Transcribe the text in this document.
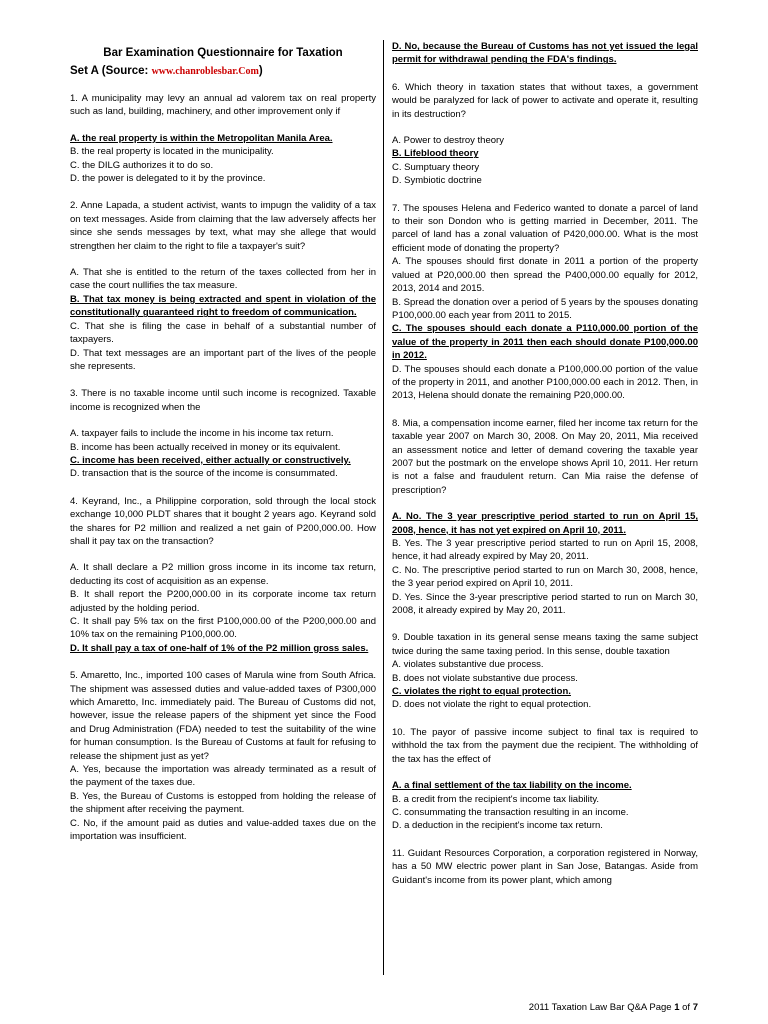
Bar Examination Questionnaire for Taxation
Set A (Source: www.chanroblesbar.Com)

1. A municipality may levy an annual ad valorem tax on real property such as land, building, machinery, and other improvement only if

A. the real property is within the Metropolitan Manila Area.

B. the real property is located in the municipality.

C. the DILG authorizes it to do so.

D. the power is delegated to it by the province.

2. Anne Lapada, a student activist, wants to impugn the validity of a tax on text messages. Aside from claiming that the law adversely affects her since she sends messages by text, what may she allege that would strengthen her claim to the right to file a taxpayer's suit?

A. That she is entitled to the return of the taxes collected from her in case the court nullifies the tax measure.

B. That tax money is being extracted and spent in violation of the constitutionally guaranteed right to freedom of communication.

C. That she is filing the case in behalf of a substantial number of taxpayers.

D. That text messages are an important part of the lives of the people she represents.

3. There is no taxable income until such income is recognized. Taxable income is recognized when the

A. taxpayer fails to include the income in his income tax return.

B. income has been actually received in money or its equivalent.

C. income has been received, either actually or constructively.

D. transaction that is the source of the income is consummated.

4. Keyrand, Inc., a Philippine corporation, sold through the local stock exchange 10,000 PLDT shares that it bought 2 years ago. Keyrand sold the shares for P2 million and realized a net gain of P200,000.00. How shall it pay tax on the transaction?

A. It shall declare a P2 million gross income in its income tax return, deducting its cost of acquisition as an expense.

B. It shall report the P200,000.00 in its corporate income tax return adjusted by the holding period.

C. It shall pay 5% tax on the first P100,000.00 of the P200,000.00 and 10% tax on the remaining P100,000.00.

D. It shall pay a tax of one-half of 1% of the P2 million gross sales.

5. Amaretto, Inc., imported 100 cases of Marula wine from South Africa. The shipment was assessed duties and value-added taxes of P300,000 which Amaretto, Inc. immediately paid. The Bureau of Customs did not, however, issue the release papers of the shipment yet since the Food and Drug Administration (FDA) needed to test the suitability of the wine for human consumption. Is the Bureau of Customs at fault for refusing to release the shipment just as yet?

A. Yes, because the importation was already terminated as a result of the payment of the taxes due.

B. Yes, the Bureau of Customs is estopped from holding the release of the shipment after receiving the payment.

C. No, if the amount paid as duties and value-added taxes due on the importation was insufficient.

D. No, because the Bureau of Customs has not yet issued the legal permit for withdrawal pending the FDA's findings.

6. Which theory in taxation states that without taxes, a government would be paralyzed for lack of power to activate and operate it, resulting in its destruction?

A. Power to destroy theory

B. Lifeblood theory

C. Sumptuary theory

D. Symbiotic doctrine

7. The spouses Helena and Federico wanted to donate a parcel of land to their son Dondon who is getting married in December, 2011. The parcel of land has a zonal valuation of P420,000.00. What is the most efficient mode of donating the property?

A. The spouses should first donate in 2011 a portion of the property valued at P20,000.00 then spread the P400,000.00 equally for 2012, 2013, 2014 and 2015.

B. Spread the donation over a period of 5 years by the spouses donating P100,000.00 each year from 2011 to 2015.

C. The spouses should each donate a P110,000.00 portion of the value of the property in 2011 then each should donate P100,000.00 in 2012.

D. The spouses should each donate a P100,000.00 portion of the value of the property in 2011, and another P100,000.00 each in 2012. Then, in 2013, Helena should donate the remaining P20,000.00.

8. Mia, a compensation income earner, filed her income tax return for the taxable year 2007 on March 30, 2008. On May 20, 2011, Mia received an assessment notice and letter of demand covering the taxable year 2007 but the postmark on the envelope shows April 10, 2011. Her return is not a false and fraudulent return. Can Mia raise the defense of prescription?

A. No. The 3 year prescriptive period started to run on April 15, 2008, hence, it has not yet expired on April 10, 2011.

B. Yes. The 3 year prescriptive period started to run on April 15, 2008, hence, it had already expired by May 20, 2011.

C. No. The prescriptive period started to run on March 30, 2008, hence, the 3 year period expired on April 10, 2011.

D. Yes. Since the 3-year prescriptive period started to run on March 30, 2008, it already expired by May 20, 2011.

9. Double taxation in its general sense means taxing the same subject twice during the same taxing period. In this sense, double taxation

A. violates substantive due process.

B. does not violate substantive due process.

C. violates the right to equal protection.

D. does not violate the right to equal protection.

10. The payor of passive income subject to final tax is required to withhold the tax from the payment due the recipient. The withholding of the tax has the effect of

A. a final settlement of the tax liability on the income.

B. a credit from the recipient's income tax liability.

C. consummating the transaction resulting in an income.

D. a deduction in the recipient's income tax return.

11. Guidant Resources Corporation, a corporation registered in Norway, has a 50 MW electric power plant in San Jose, Batangas. Aside from Guidant's income from its power plant, which among

2011 Taxation Law Bar Q&A Page 1 of 7
